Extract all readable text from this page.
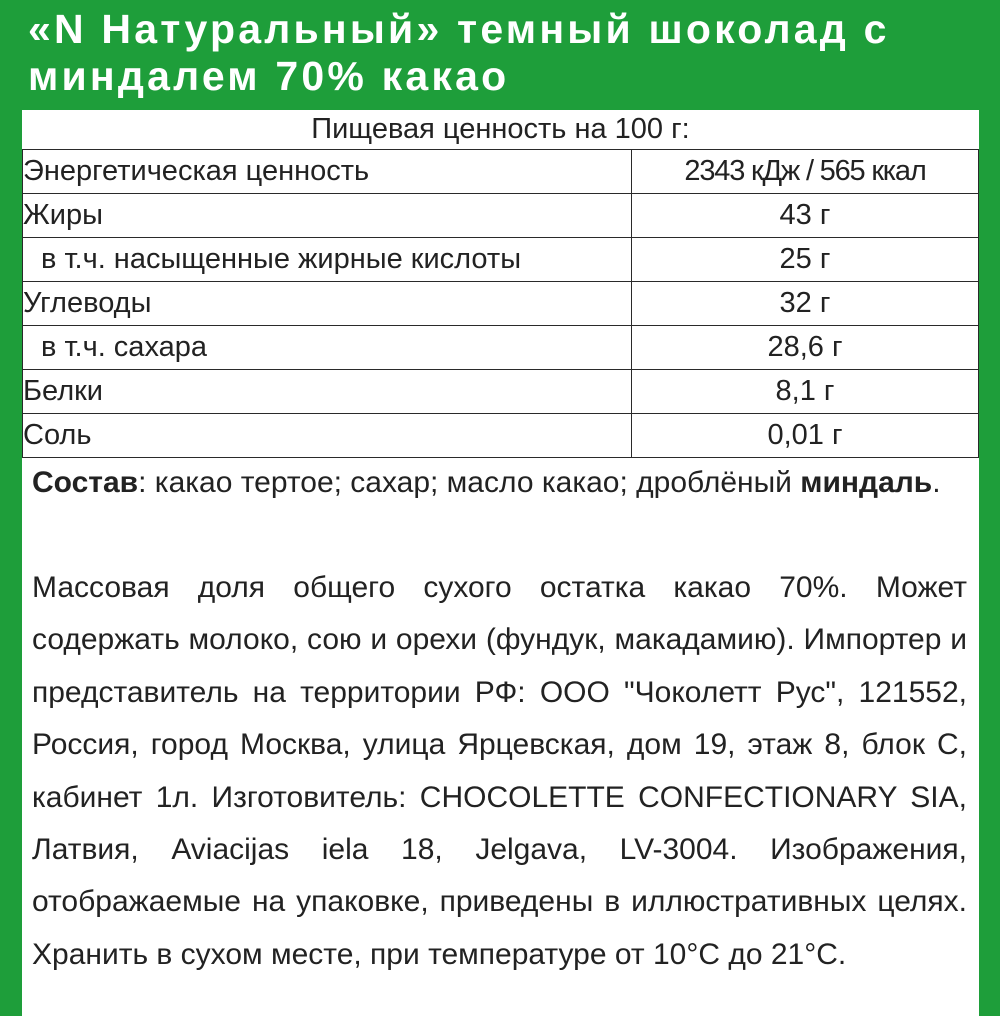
«N Натуральный» темный шоколад с миндалем 70% какао
Пищевая ценность на 100 г:	
Энергетическая ценность	2343 кДж / 565 ккал
Жиры	43 г
в т.ч. насыщенные жирные кислоты	25 г
Углеводы	32 г
в т.ч. сахара	28,6 г
Белки	8,1 г
Соль	0,01 г

Состав: какао тертое; сахар; масло какао; дроблёный миндаль.

Массовая доля общего сухого остатка какао 70%. Может содержать молоко, сою и орехи (фундук, макадамию). Импортер и представитель на территории РФ: ООО "Чоколетт Рус", 121552, Россия, город Москва, улица Ярцевская, дом 19, этаж 8, блок С, кабинет 1л. Изготовитель: CHOCOLETTE CONFECTIONARY SIA, Латвия, Aviacijas iela 18, Jelgava, LV-3004. Изображения, отображаемые на упаковке, приведены в иллюстративных целях. Хранить в сухом месте, при температуре от 10°С до 21°С.
